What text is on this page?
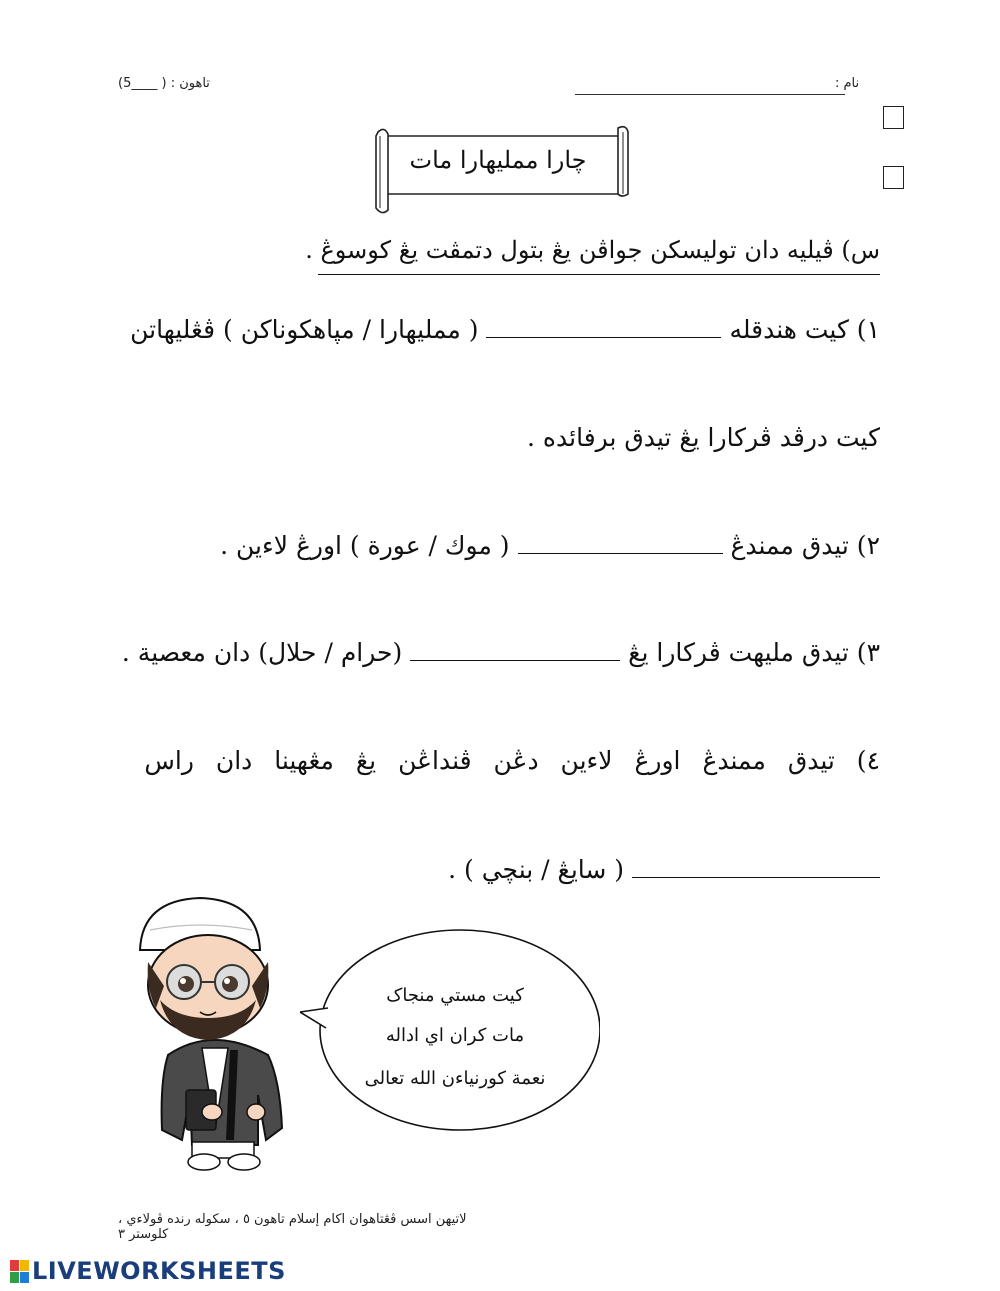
نام :
تاهون : ( ____5)
چارا مملیهارا مات
س) ڤیليه دان توليسکن جواڤن يڠ بتول دتمڤت يڠ کوسوڠ .
١) کيت هندقله  ( مملیهارا / مپاهکوناکن ) ڤڠليهاتن
کيت درڤد ڤرکارا يڠ تيدق برفائده .
٢) تيدق ممندڠ  ( موك / عورة ) اورڠ لاءين .
٣) تيدق مليهت ڤرکارا يڠ  (حرام / حلال) دان معصية .
٤) تيدق ممندڠ اورڠ لاءين دڠن ڤنداڠن يڠ مڠهينا دان راس
( سايڠ / بنچي ) .
کيت مستي منجاک
مات کران اي اداله
نعمة کورنياءن الله تعالى
لاتيهن اسس ڤڠتاهوان اکام إسلام تاهون ٥ ، سکوله رنده ڤولاءي ، کلوستر ٣
LIVEWORKSHEETS
